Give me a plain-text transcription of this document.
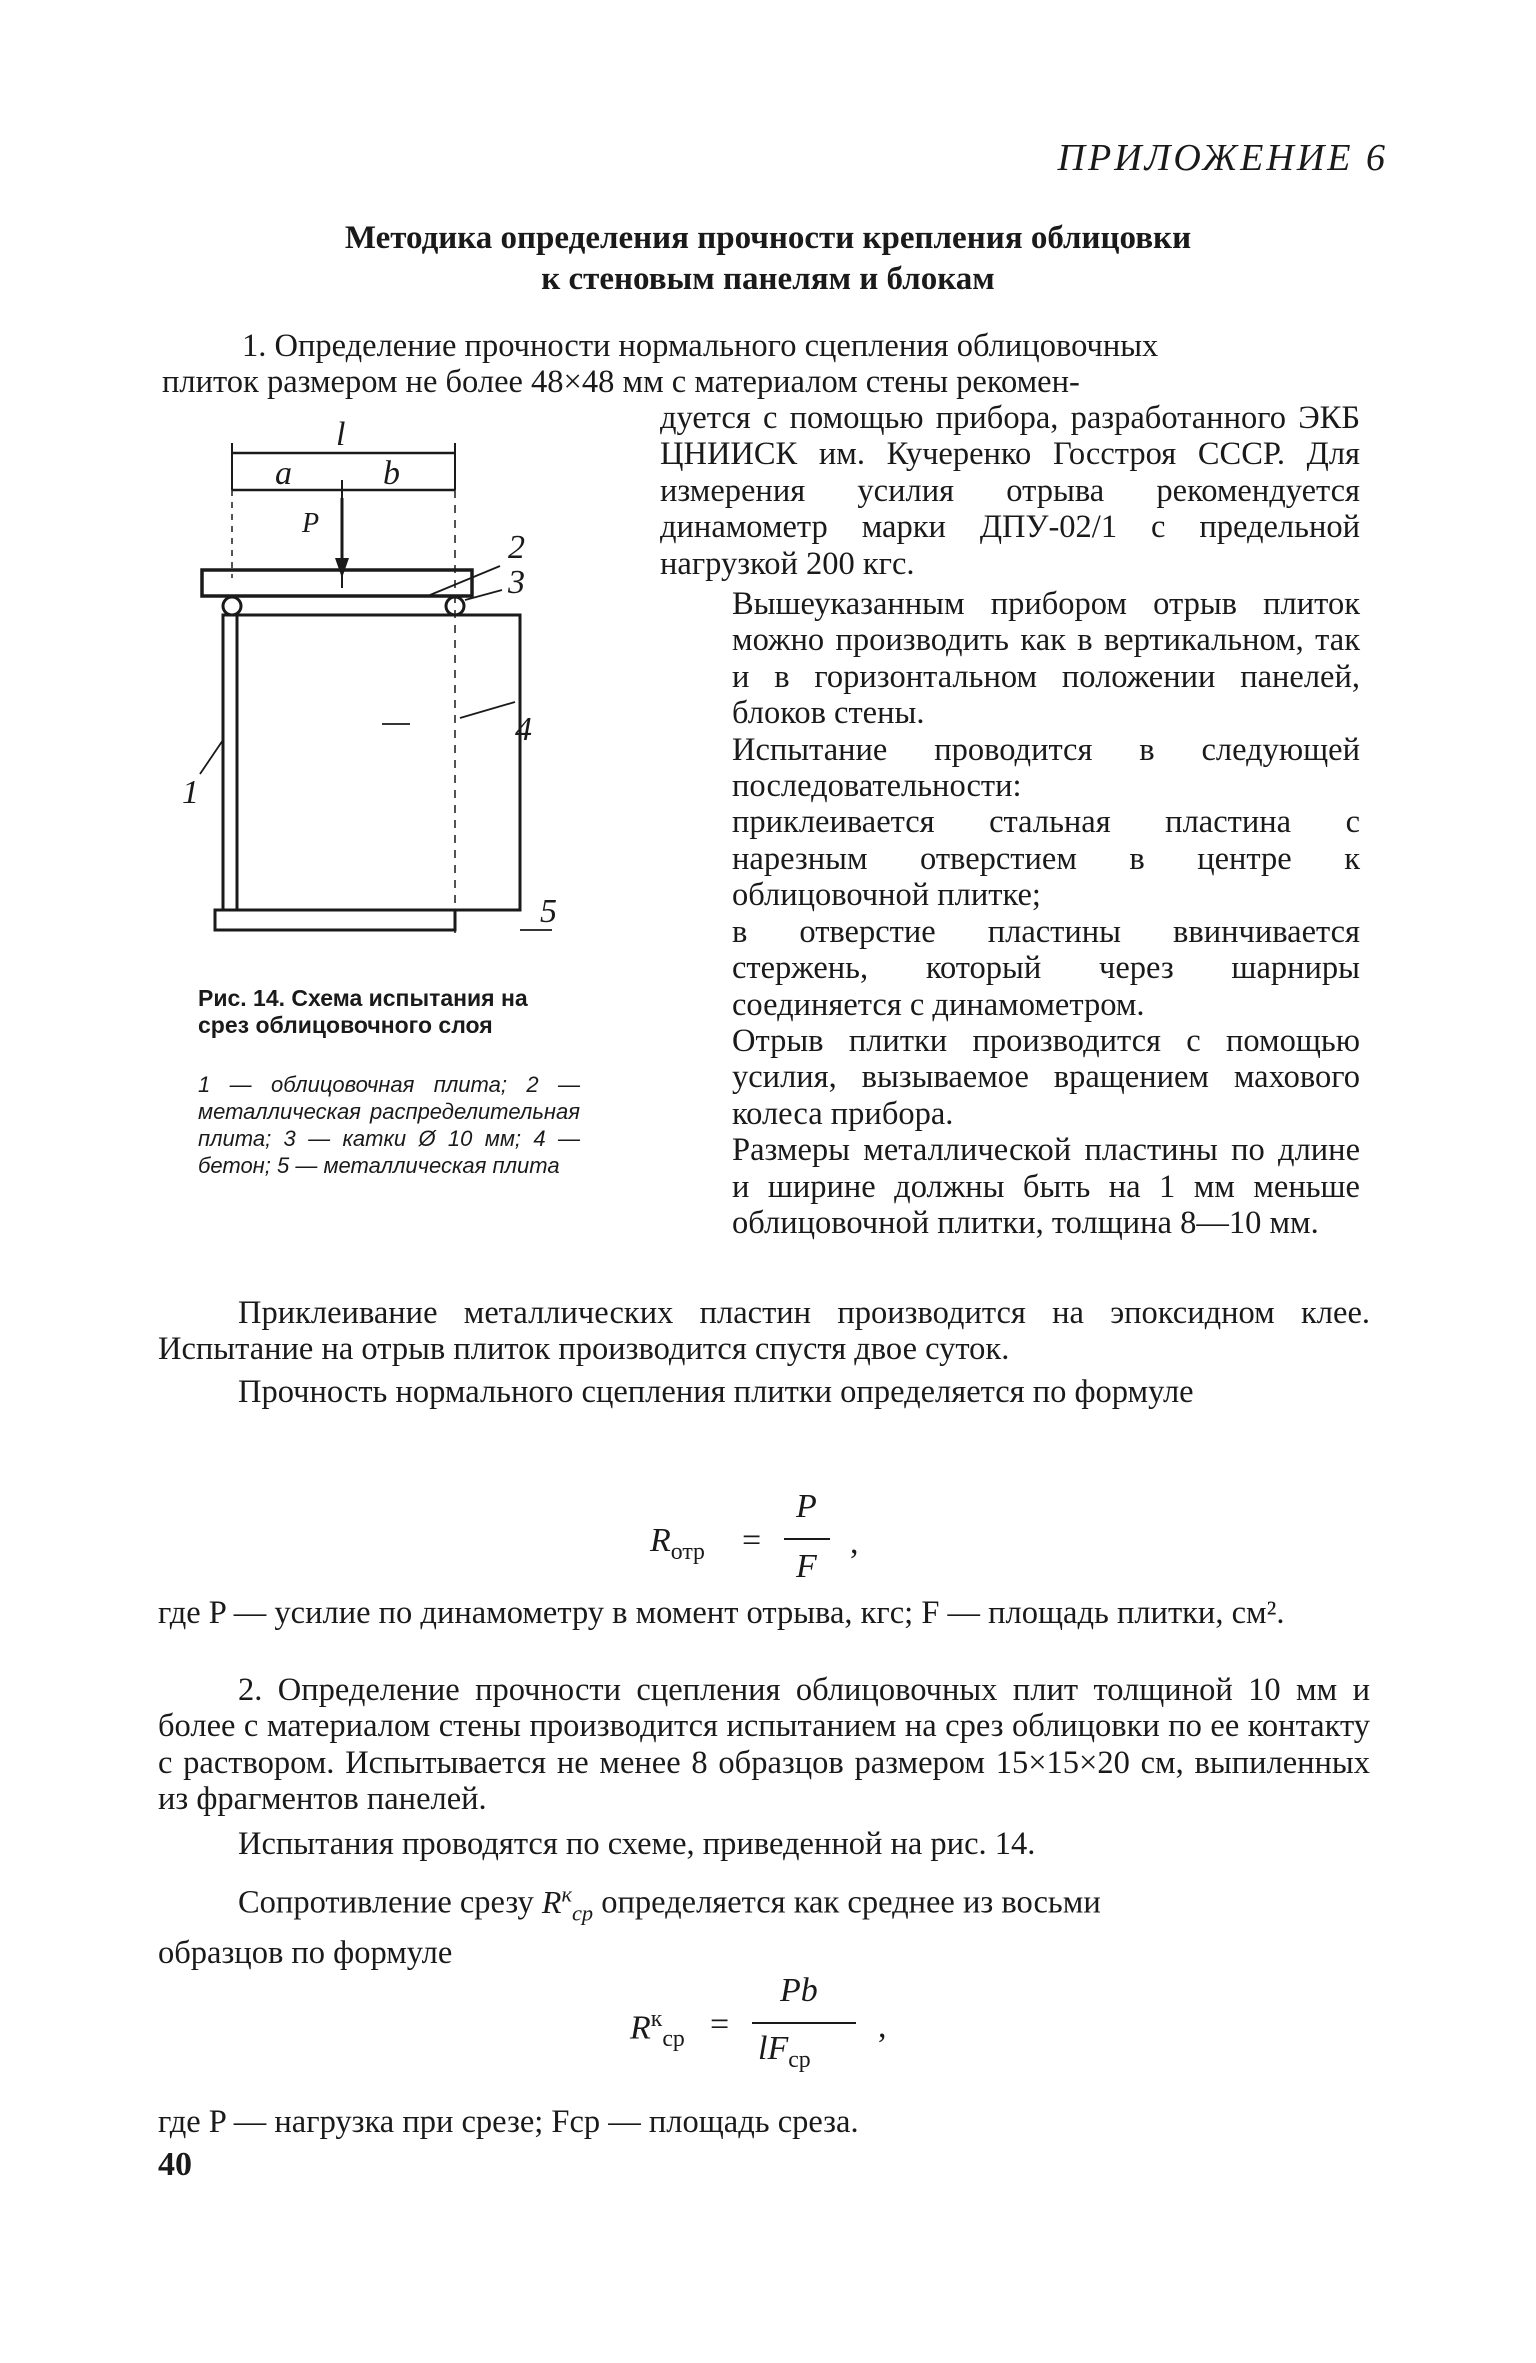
ПРИЛОЖЕНИЕ 6
Методика определения прочности крепления облицовки
к стеновым панелям и блокам
1. Определение прочности нормального сцепления облицовочных
плиток размером не более 48×48 мм с материалом стены рекомен-
l
a	b
P
2
3
4
1
5
Рис. 14. Схема испытания на срез облицовочного слоя
1 — облицовочная плита; 2 — металлическая распределительная плита; 3 — катки Ø 10 мм; 4 — бетон; 5 — металлическая плита
дуется с помощью прибора, разработанного ЭКБ ЦНИИСК им. Кучеренко Госстроя СССР. Для измерения усилия отрыва рекомендуется динамометр марки ДПУ-02/1 с предельной нагрузкой 200 кгс.
Вышеуказанным прибором отрыв плиток можно производить как в вертикальном, так и в горизонтальном положении панелей, блоков стены.
Испытание проводится в следующей последовательности:
приклеивается стальная пластина с нарезным отверстием в центре к облицовочной плитке;
в отверстие пластины ввинчивается стержень, который через шарниры соединяется с динамометром.
Отрыв плитки производится с помощью усилия, вызываемое вращением махового колеса прибора.
Размеры металлической пластины по длине и ширине должны быть на 1 мм меньше облицовочной плитки, толщина 8—10 мм.
Приклеивание металлических пластин производится на эпоксидном клее. Испытание на отрыв плиток производится спустя двое суток.
Прочность нормального сцепления плитки определяется по формуле
$R_{отр}$ =
P
F
,
где P — усилие по динамометру в момент отрыва, кгс; F — площадь плитки, см².
2. Определение прочности сцепления облицовочных плит толщиной 10 мм и более с материалом стены производится испытанием на срез облицовки по ее контакту с раствором. Испытывается не менее 8 образцов размером 15×15×20 см, выпиленных из фрагментов панелей.
Испытания проводятся по схеме, приведенной на рис. 14.
Сопротивление срезу $R^к_{ср}$ определяется как среднее из восьми
образцов по формуле
$R^к_{ср}$ =
Pb
$lF_{ср}$
,
где P — нагрузка при срезе; Fср — площадь среза.
40
